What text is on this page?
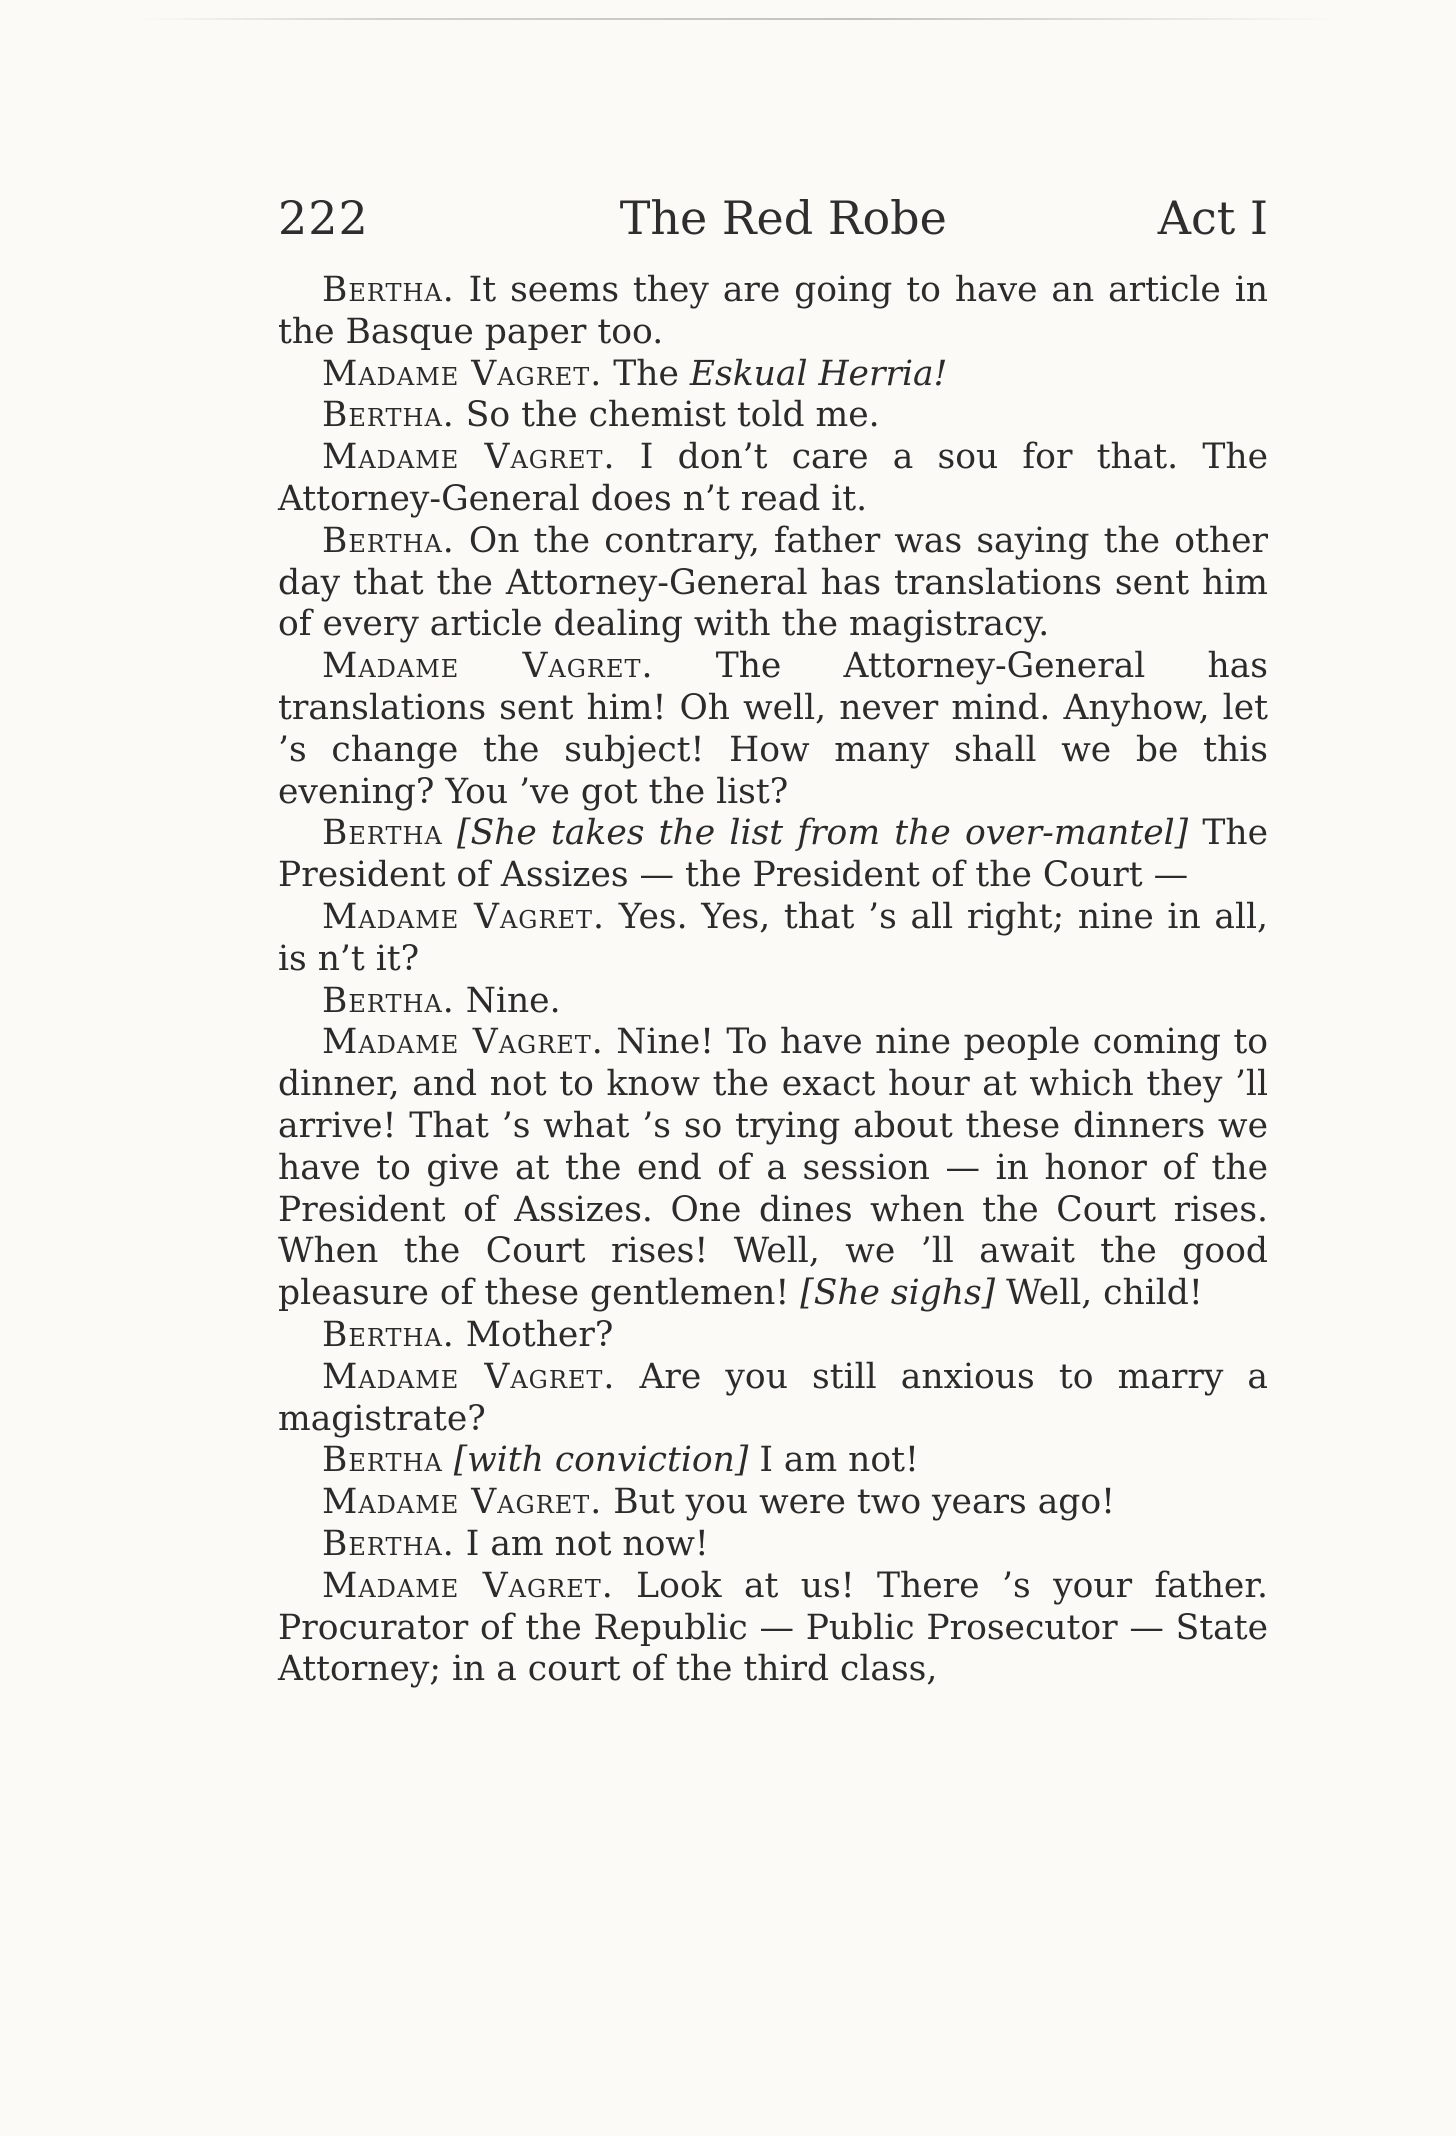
222	The Red Robe	Act I

Bertha. It seems they are going to have an article in the Basque paper too.

Madame Vagret. The Eskual Herria!

Bertha. So the chemist told me.

Madame Vagret. I don’t care a sou for that. The Attorney-General does n’t read it.

Bertha. On the contrary, father was saying the other day that the Attorney-General has translations sent him of every article dealing with the magistracy.

Madame Vagret. The Attorney-General has translations sent him! Oh well, never mind. Anyhow, let ’s change the subject! How many shall we be this evening? You ’ve got the list?

Bertha [She takes the list from the over-mantel] The President of Assizes — the President of the Court —

Madame Vagret. Yes. Yes, that ’s all right; nine in all, is n’t it?

Bertha. Nine.

Madame Vagret. Nine! To have nine people coming to dinner, and not to know the exact hour at which they ’ll arrive! That ’s what ’s so trying about these dinners we have to give at the end of a session — in honor of the President of Assizes. One dines when the Court rises. When the Court rises! Well, we ’ll await the good pleasure of these gentlemen! [She sighs] Well, child!

Bertha. Mother?

Madame Vagret. Are you still anxious to marry a magistrate?

Bertha [with conviction] I am not!

Madame Vagret. But you were two years ago!

Bertha. I am not now!

Madame Vagret. Look at us! There ’s your father. Procurator of the Republic — Public Prosecutor — State Attorney; in a court of the third class,
